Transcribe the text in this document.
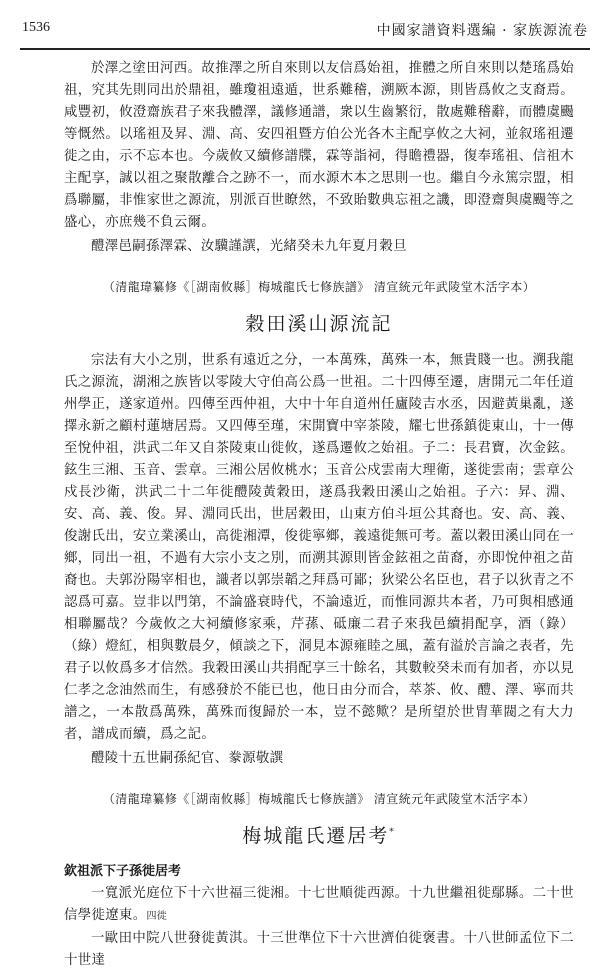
1536	中國家譜資料選編 · 家族源流卷

於澤之塗田河西。故推澤之所自來則以友信爲始祖，推體之所自來則以楚瑤爲始祖，究其先則同出於鼎祖，雖瓊祖遠遁，世系難稽，溯厥本源，則皆爲攸之支裔焉。咸豐初，攸澄齋族君子來我體澤，議修通譜，衆以生齒繁衍，散處難稽辭，而體虞颺等慨然。以瑤祖及昇、淵、高、安四祖暨方伯公光各木主配享攸之大祠，並叙瑤祖遷徙之由，示不忘本也。今歲攸又續修譜牒，霖等詣祠，得瞻禮器，復奉瑤祖、信祖木主配享，誠以祖之聚散離合之跡不一，而水源木本之思則一也。繼自今永篤宗盟，相爲聯屬，非惟家世之源流，別派百世瞭然，不致貽數典忘祖之譏，即澄齋與虞颺等之盛心，亦庶幾不負云爾。

醴澤邑嗣孫澤霖、汝驥謹譔，光緒癸未九年夏月穀旦

（清龍瑋纂修《［湖南攸縣］梅城龍氏七修族譜》 清宣統元年武陵堂木活字本）
穀田溪山源流記

宗法有大小之別，世系有遠近之分，一本萬殊，萬殊一本，無貴賤一也。溯我龍氏之源流，湖湘之族皆以零陵大守伯高公爲一世祖。二十四傳至遷，唐開元二年任道州學正，遂家道州。四傳至西仲祖，大中十年自道州任廬陵吉水丞，因避黃巢亂，遂擇永新之顧村蓮塘居焉。又四傳至瑾，宋開寶中宰茶陵，耀七世孫鎮徙東山，十一傳至悅仲祖，洪武二年又自茶陵東山徙攸，遂爲遷攸之始祖。子二：長君寶，次金鉉。鉉生三湘、玉音、雲章。三湘公居攸桃水；玉音公戍雲南大理衛，遂徙雲南；雲章公戍長沙衛，洪武二十二年徙醴陵黃穀田，遂爲我穀田溪山之始祖。子六：昇、淵、安、高、義、俊。昇、淵同氏出，世居穀田，山東方伯斗垣公其裔也。安、高、義、俊謝氏出，安立業溪山，高徙湘潭，俊徙寧鄉，義遠徙無可考。蓋以穀田溪山同在一鄉，同出一祖，不過有大宗小支之別，而溯其源則皆金鉉祖之苗裔，亦即悅仲祖之苗裔也。夫郭汾陽宰相也，識者以郭崇韜之拜爲可鄙；狄梁公名臣也，君子以狄青之不認爲可嘉。豈非以門第，不論盛衰時代，不論遠近，而惟同源共本者，乃可與相感通相聯屬哉？今歲攸之大祠續修家乘，芹蓀、砥廉二君子來我邑續捐配享，酒（錄）（綠）燈紅，相與數晨夕，傾談之下，洞見本源雍睦之風，蓋有溢於言論之表者，先君子以攸爲多才信然。我穀田溪山共捐配享三十餘名，其數較癸未而有加者，亦以見仁孝之念油然而生，有感發於不能已也，他日由分而合，萃茶、攸、醴、澤、寧而共譜之，一本散爲萬殊，萬殊而復歸於一本，豈不懿歟？是所望於世胄華閥之有大力者，譜成而續，爲之記。

醴陵十五世嗣孫紀官、豢源敬譔

（清龍瑋纂修《［湖南攸縣］梅城龍氏七修族譜》 清宣統元年武陵堂木活字本）
梅城龍氏遷居考*
欽祖派下子孫徙居考

一寬派光庭位下十六世福三徙湘。十七世順徙西源。十九世繼祖徙鄢縣。二十世信學徙遼東。四徙

一歐田中院八世發徙黃淇。十三世準位下十六世濟伯徙褒書。十八世師孟位下二十世達
